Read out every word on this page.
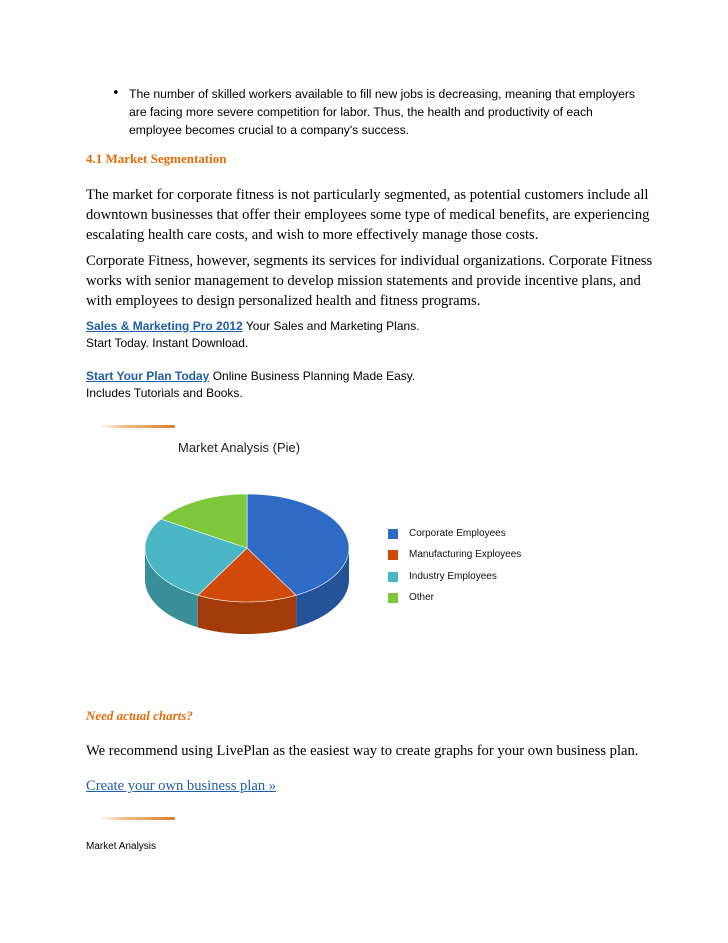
• The number of skilled workers available to fill new jobs is decreasing, meaning that employers are facing more severe competition for labor. Thus, the health and productivity of each employee becomes crucial to a company's success.
4.1 Market Segmentation
The market for corporate fitness is not particularly segmented, as potential customers include all downtown businesses that offer their employees some type of medical benefits, are experiencing escalating health care costs, and wish to more effectively manage those costs.
Corporate Fitness, however, segments its services for individual organizations. Corporate Fitness works with senior management to develop mission statements and provide incentive plans, and with employees to design personalized health and fitness programs.
Sales & Marketing Pro 2012 Your Sales and Marketing Plans.
Start Today. Instant Download.
Start Your Plan Today Online Business Planning Made Easy.
Includes Tutorials and Books.
Market Analysis (Pie)
Corporate Employees
Manufacturing Exployees
Industry Employees
Other
Need actual charts?
We recommend using LivePlan as the easiest way to create graphs for your own business plan.
Create your own business plan »
Market Analysis
